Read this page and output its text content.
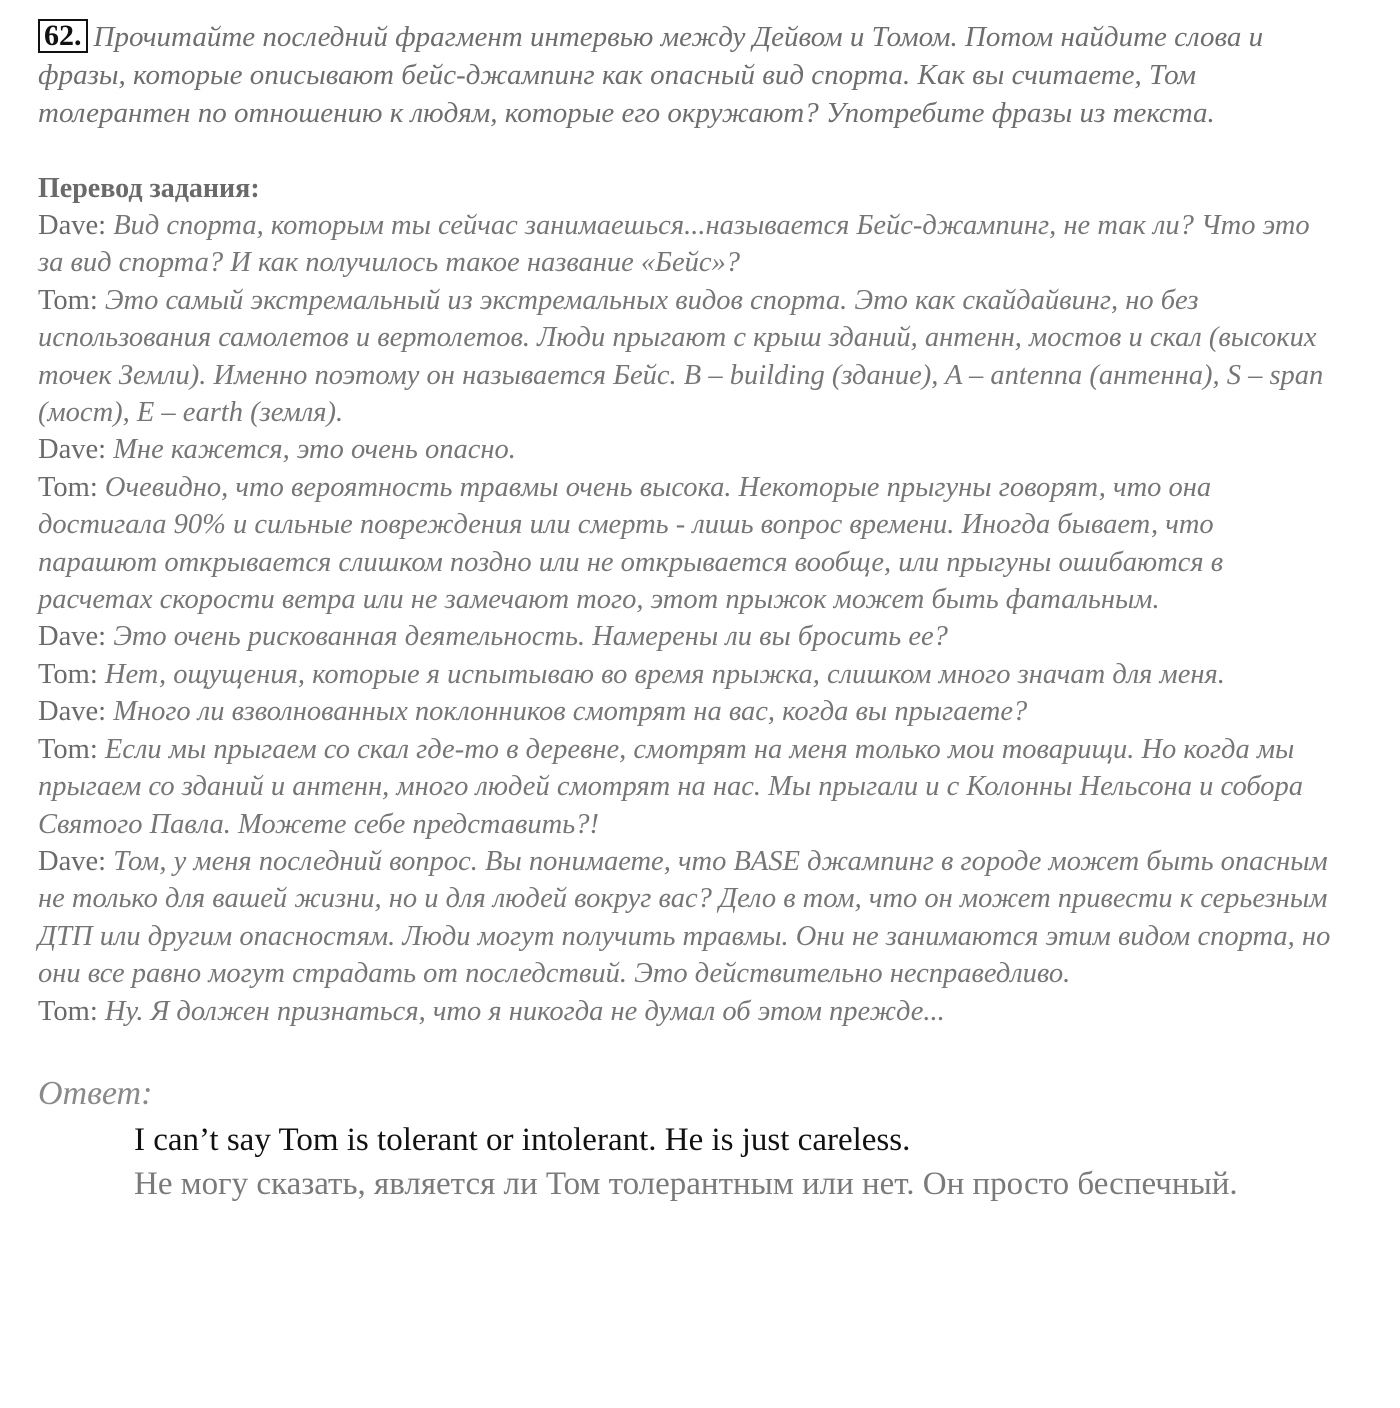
62. Прочитайте последний фрагмент интервью между Дейвом и Томом. Потом найдите слова и фразы, которые описывают бейс-джампинг как опасный вид спорта. Как вы считаете, Том толерантен по отношению к людям, которые его окружают? Употребите фразы из текста.

Перевод задания:

Dave: Вид спорта, которым ты сейчас занимаешься...называется Бейс-джампинг, не так ли? Что это за вид спорта? И как получилось такое название «Бейс»?
Tom: Это самый экстремальный из экстремальных видов спорта. Это как скайдайвинг, но без использования самолетов и вертолетов. Люди прыгают с крыш зданий, антенн, мостов и скал (высоких точек Земли). Именно поэтому он называется Бейс. B – building (здание), A – antenna (антенна), S – span (мост), E – earth (земля).
Dave: Мне кажется, это очень опасно.
Tom: Очевидно, что вероятность травмы очень высока. Некоторые прыгуны говорят, что она достигала 90% и сильные повреждения или смерть - лишь вопрос времени. Иногда бывает, что парашют открывается слишком поздно или не открывается вообще, или прыгуны ошибаются в расчетах скорости ветра или не замечают того, этот прыжок может быть фатальным.
Dave: Это очень рискованная деятельность. Намерены ли вы бросить ее?
Tom: Нет, ощущения, которые я испытываю во время прыжка, слишком много значат для меня.
Dave: Много ли взволнованных поклонников смотрят на вас, когда вы прыгаете?
Tom: Если мы прыгаем со скал где-то в деревне, смотрят на меня только мои товарищи. Но когда мы прыгаем со зданий и антенн, много людей смотрят на нас. Мы прыгали и с Колонны Нельсона и собора Святого Павла. Можете себе представить?!
Dave: Том, у меня последний вопрос. Вы понимаете, что BASE джампинг в городе может быть опасным не только для вашей жизни, но и для людей вокруг вас? Дело в том, что он может привести к серьезным ДТП или другим опасностям. Люди могут получить травмы. Они не занимаются этим видом спорта, но они все равно могут страдать от последствий. Это действительно несправедливо.
Tom: Ну. Я должен признаться, что я никогда не думал об этом прежде...

Ответ:

I can’t say Tom is tolerant or intolerant. He is just careless.

Не могу сказать, является ли Том толерантным или нет. Он просто беспечный.
